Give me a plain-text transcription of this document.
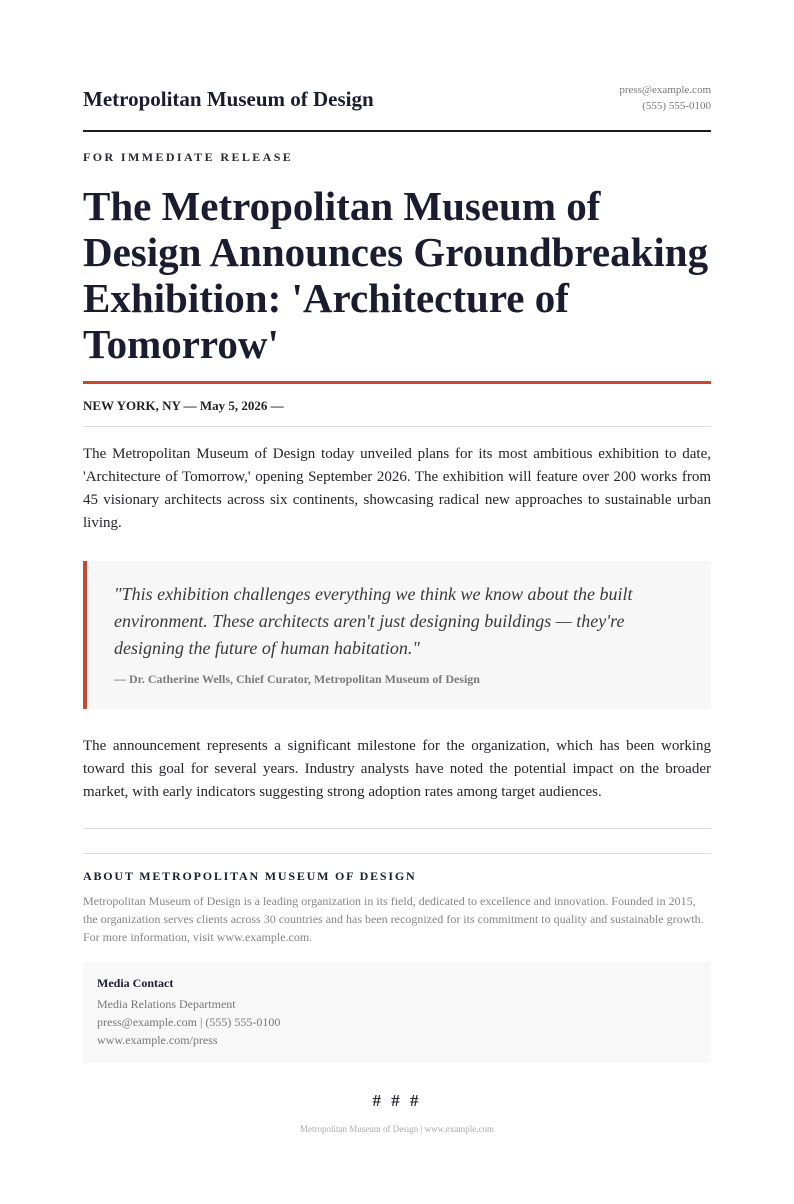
Metropolitan Museum of Design	press@example.com
(555) 555-0100
FOR IMMEDIATE RELEASE
The Metropolitan Museum of Design Announces Groundbreaking Exhibition: 'Architecture of Tomorrow'
NEW YORK, NY — May 5, 2026 —

The Metropolitan Museum of Design today unveiled plans for its most ambitious exhibition to date, 'Architecture of Tomorrow,' opening September 2026. The exhibition will feature over 200 works from 45 visionary architects across six continents, showcasing radical new approaches to sustainable urban living.

"This exhibition challenges everything we think we know about the built environment. These architects aren't just designing buildings — they're designing the future of human habitation."
— Dr. Catherine Wells, Chief Curator, Metropolitan Museum of Design

The announcement represents a significant milestone for the organization, which has been working toward this goal for several years. Industry analysts have noted the potential impact on the broader market, with early indicators suggesting strong adoption rates among target audiences.

ABOUT METROPOLITAN MUSEUM OF DESIGN
Metropolitan Museum of Design is a leading organization in its field, dedicated to excellence and innovation. Founded in 2015, the organization serves clients across 30 countries and has been recognized for its commitment to quality and sustainable growth. For more information, visit www.example.com.
Media Contact
Media Relations Department
press@example.com | (555) 555-0100
www.example.com/press
# # #
Metropolitan Museum of Design | www.example.com
